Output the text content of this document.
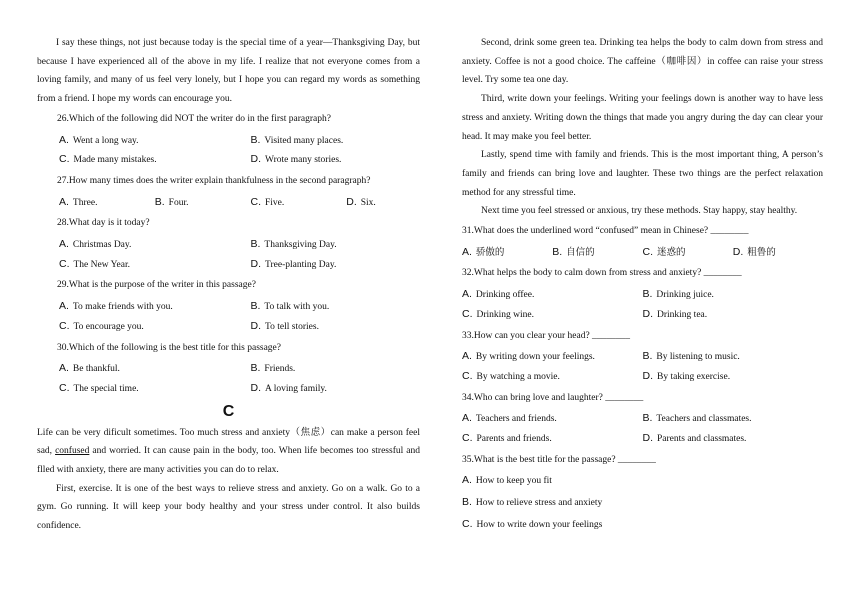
I say these things, not just because today is the special time of a year—Thanksgiving Day, but because I have experienced all of the above in my life. I realize that not everyone comes from a loving family, and many of us feel very lonely, but I hope you can regard my words as something from a friend. I hope my words can encourage you.

26.Which of the following did NOT the writer do in the first paragraph?
A. Went a long way.	B. Visited many places.
C. Made many mistakes.	D. Wrote many stories.
27.How many times does the writer explain thankfulness in the second paragraph?
A. Three.	B. Four.	C. Five.	D. Six.
28.What day is it today?
A. Christmas Day.	B. Thanksgiving Day.
C. The New Year.	D. Tree-planting Day.
29.What is the purpose of the writer in this passage?
A. To make friends with you.	B. To talk with you.
C. To encourage you.	D. To tell stories.
30.Which of the following is the best title for this passage?
A. Be thankful.	B. Friends.
C. The special time.	D. A loving family.
C

Life can be very dificult sometimes. Too much stress and anxiety（焦虑）can make a person feel sad, confused and worried. It can cause pain in the body, too. When life becomes too stressful and flled with anxiety, there are many activities you can do to relax.

First, exercise. It is one of the best ways to relieve stress and anxiety. Go on a walk. Go to a gym. Go running. It will keep your body healthy and your stress under control. It also builds confidence.

Second, drink some green tea. Drinking tea helps the body to calm down from stress and anxiety. Coffee is not a good choice. The caffeine（咖啡因）in coffee can raise your stress level. Try some tea one day.

Third, write down your feelings. Writing your feelings down is another way to have less stress and anxiety. Writing down the things that made you angry during the day can clear your head. It may make you feel better.

Lastly, spend time with family and friends. This is the most important thing, A person’s family and friends can bring love and laughter. These two things are the perfect relaxation method for any stressful time.

Next time you feel stressed or anxious, try these methods. Stay happy, stay healthy.

31.What does the underlined word “confused” mean in Chinese? ________
A. 骄傲的	B. 自信的	C. 迷惑的	D. 粗鲁的
32.What helps the body to calm down from stress and anxiety? ________
A. Drinking offee.	B. Drinking juice.
C. Drinking wine.	D. Drinking tea.
33.How can you clear your head? ________
A. By writing down your feelings.	B. By listening to music.
C. By watching a movie.	D. By taking exercise.
34.Who can bring love and laughter? ________
A. Teachers and friends.	B. Teachers and classmates.
C. Parents and friends.	D. Parents and classmates.
35.What is the best title for the passage? ________
A. How to keep you fit
B. How to relieve stress and anxiety
C. How to write down your feelings
